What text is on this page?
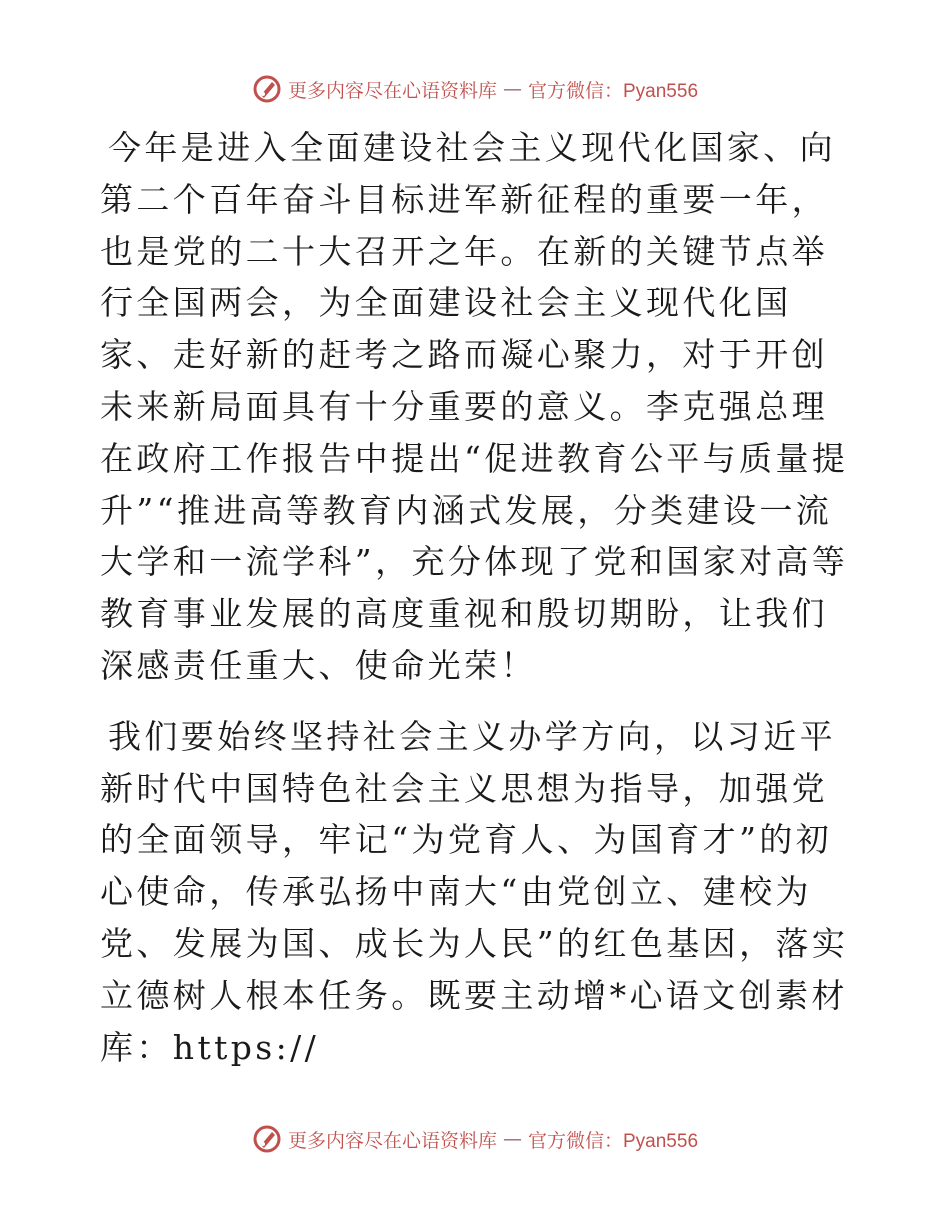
更多内容尽在心语资料库 — 官方微信：Pyan556

今年是进入全面建设社会主义现代化国家、向第二个百年奋斗目标进军新征程的重要一年，也是党的二十大召开之年。在新的关键节点举行全国两会，为全面建设社会主义现代化国家、走好新的赶考之路而凝心聚力，对于开创未来新局面具有十分重要的意义。李克强总理在政府工作报告中提出“促进教育公平与质量提升”“推进高等教育内涵式发展，分类建设一流大学和一流学科”，充分体现了党和国家对高等教育事业发展的高度重视和殷切期盼，让我们深感责任重大、使命光荣！

我们要始终坚持社会主义办学方向，以习近平新时代中国特色社会主义思想为指导，加强党的全面领导，牢记“为党育人、为国育才”的初心使命，传承弘扬中南大“由党创立、建校为党、发展为国、成长为人民”的红色基因，落实立德树人根本任务。既要主动增*心语文创素材库：https://

更多内容尽在心语资料库 — 官方微信：Pyan556
